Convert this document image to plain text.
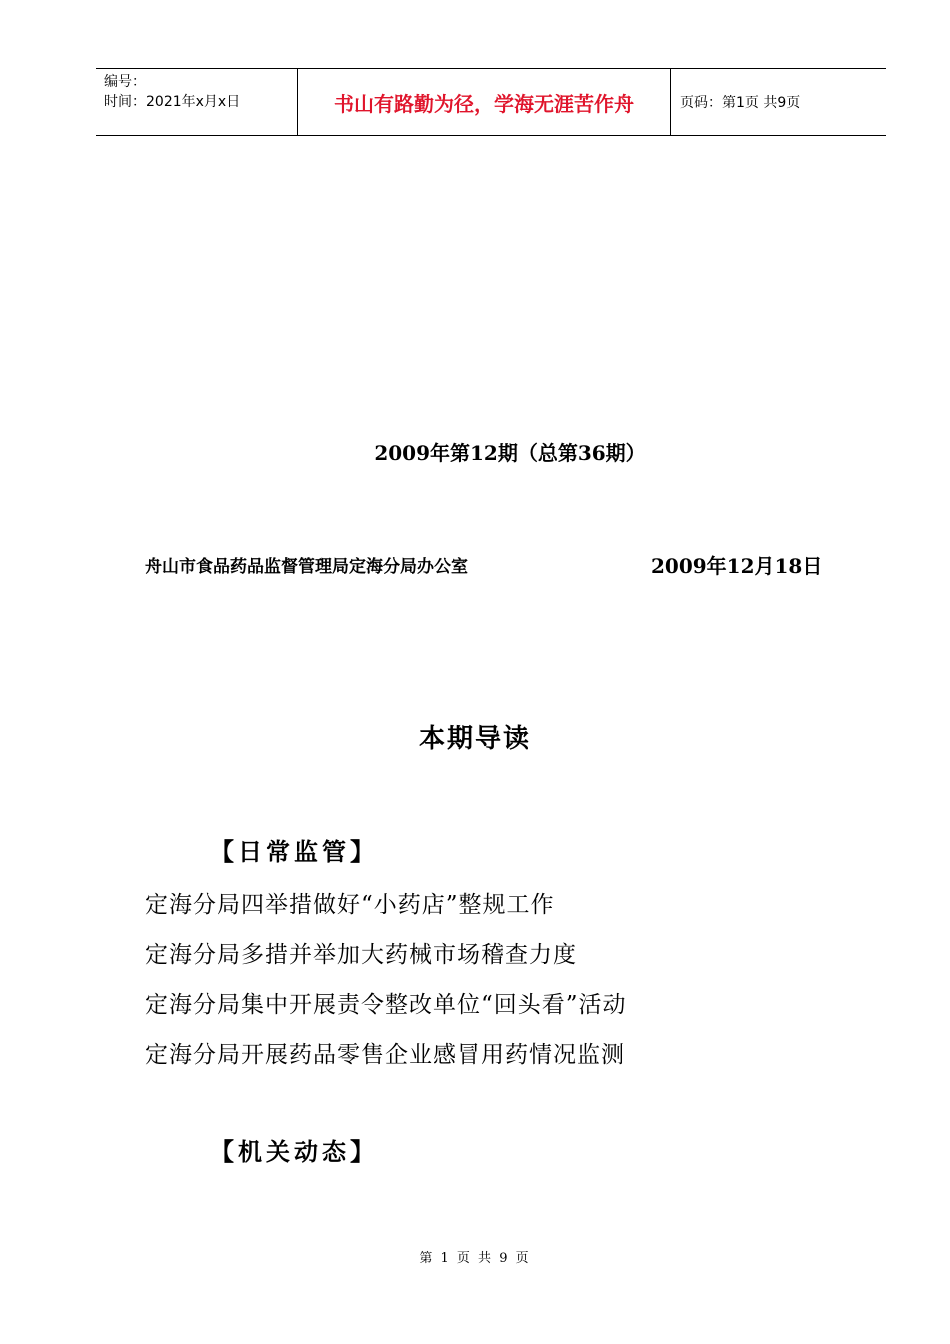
编号：
时间：2021年x月x日	书山有路勤为径，学海无涯苦作舟	页码：第1页 共9页
2009年第12期（总第36期）
舟山市食品药品监督管理局定海分局办公室	2009年12月18日
本期导读
【日常监管】
定海分局四举措做好“小药店”整规工作
定海分局多措并举加大药械市场稽查力度
定海分局集中开展责令整改单位“回头看”活动
定海分局开展药品零售企业感冒用药情况监测
【机关动态】
第 1 页 共 9 页
